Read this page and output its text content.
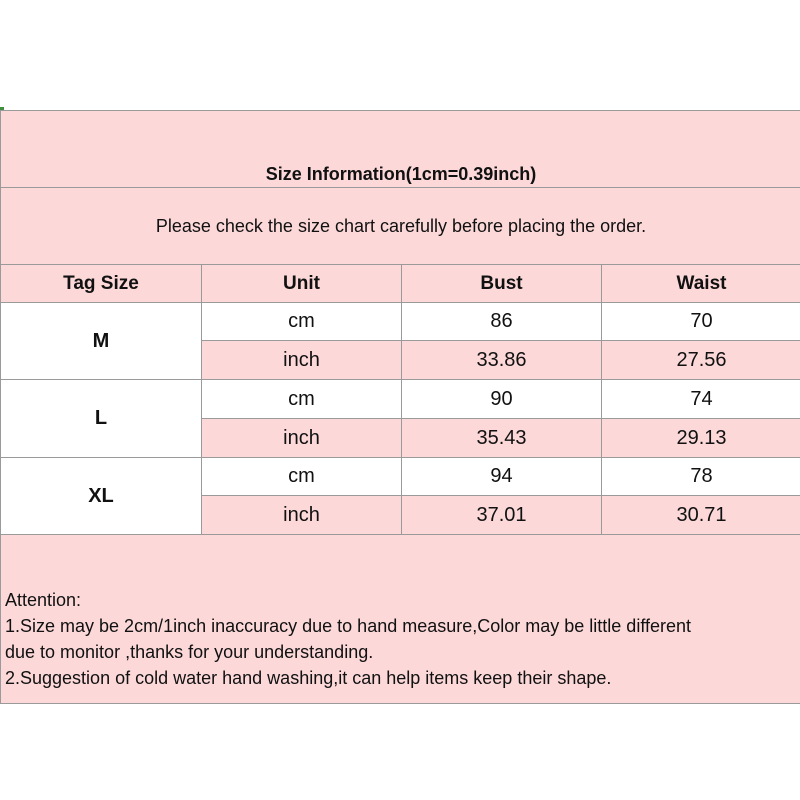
Size Information(1cm=0.39inch)
Please check the size chart carefully before placing the order.
Tag Size	Unit	Bust	Waist
M
cm	86	70
inch	33.86	27.56
L
cm	90	74
inch	35.43	29.13
XL
cm	94	78
inch	37.01	30.71
Attention:
1.Size may be 2cm/1inch inaccuracy due to hand measure,Color may be little different
due to monitor ,thanks for your understanding.
2.Suggestion of cold water hand washing,it can help items keep their shape.
